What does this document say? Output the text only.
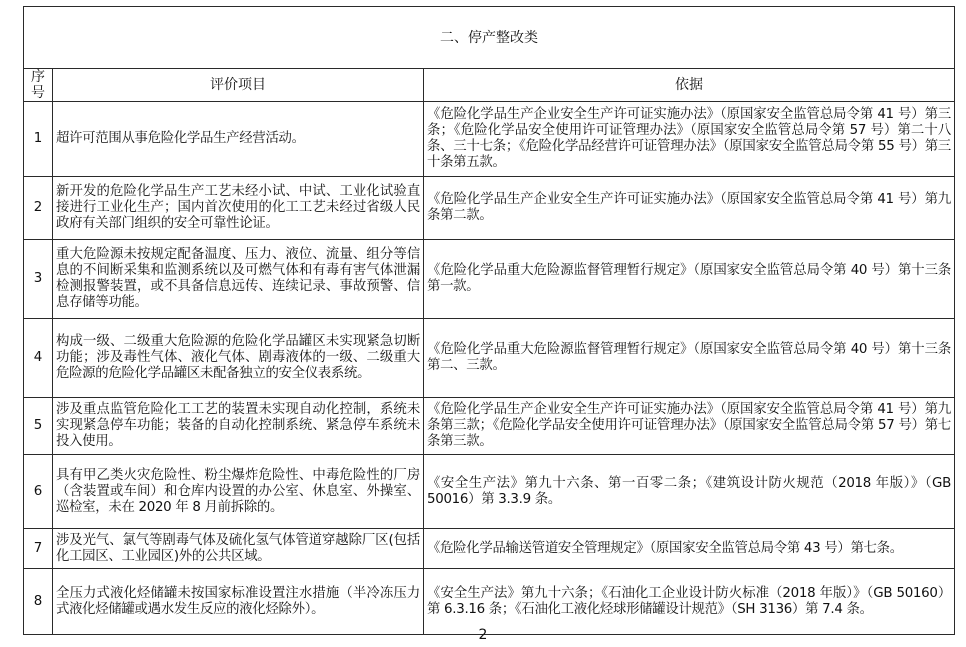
二、停产整改类		
序号	评价项目	依据
1	超许可范围从事危险化学品生产经营活动。	《危险化学品生产企业安全生产许可证实施办法》（原国家安全监管总局令第 41 号）第三条；《危险化学品安全使用许可证管理办法》（原国家安全监管总局令第 57 号）第二十八条、三十七条；《危险化学品经营许可证管理办法》（原国家安全监管总局令第 55 号）第三十条第五款。
2	新开发的危险化学品生产工艺未经小试、中试、工业化试验直接进行工业化生产；国内首次使用的化工工艺未经过省级人民政府有关部门组织的安全可靠性论证。	《危险化学品生产企业安全生产许可证实施办法》（原国家安全监管总局令第 41 号）第九条第二款。
3	重大危险源未按规定配备温度、压力、液位、流量、组分等信息的不间断采集和监测系统以及可燃气体和有毒有害气体泄漏检测报警装置，或不具备信息远传、连续记录、事故预警、信息存储等功能。	《危险化学品重大危险源监督管理暂行规定》（原国家安全监管总局令第 40 号）第十三条第一款。
4	构成一级、二级重大危险源的危险化学品罐区未实现紧急切断功能；涉及毒性气体、液化气体、剧毒液体的一级、二级重大危险源的危险化学品罐区未配备独立的安全仪表系统。	《危险化学品重大危险源监督管理暂行规定》（原国家安全监管总局令第 40 号）第十三条第二、三款。
5	涉及重点监管危险化工工艺的装置未实现自动化控制，系统未实现紧急停车功能；装备的自动化控制系统、紧急停车系统未投入使用。	《危险化学品生产企业安全生产许可证实施办法》（原国家安全监管总局令第 41 号）第九条第三款；《危险化学品安全使用许可证管理办法》（原国家安全监管总局令第 57 号）第七条第三款。
6	具有甲乙类火灾危险性、粉尘爆炸危险性、中毒危险性的厂房（含装置或车间）和仓库内设置的办公室、休息室、外操室、巡检室，未在 2020 年 8 月前拆除的。	《安全生产法》第九十六条、第一百零二条；《建筑设计防火规范（2018 年版）》（GB 50016）第 3.3.9 条。
7	涉及光气、氯气等剧毒气体及硫化氢气体管道穿越除厂区(包括化工园区、工业园区)外的公共区域。	《危险化学品输送管道安全管理规定》（原国家安全监管总局令第 43 号）第七条。
8	全压力式液化烃储罐未按国家标准设置注水措施（半冷冻压力式液化烃储罐或遇水发生反应的液化烃除外）。	《安全生产法》第九十六条；《石油化工企业设计防火标准（2018 年版）》（GB 50160）第 6.3.16 条；《石油化工液化烃球形储罐设计规范》（SH 3136）第 7.4 条。
2
